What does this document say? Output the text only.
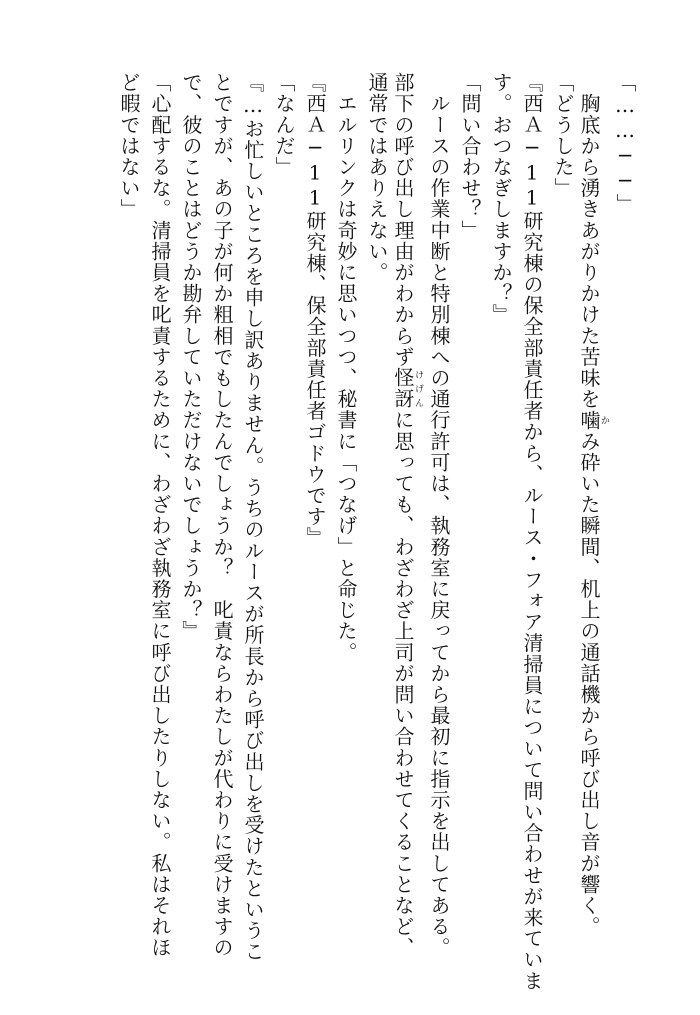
「……──」
　胸底から湧きあがりかけた苦味を噛かみ砕いた瞬間、机上の通話機から呼び出し音が響く。
「どうした」
『西Ａ─11研究棟の保全部責任者から、ルース・フォア清掃員について問い合わせが来ていま
す。おつなぎしますか？』
「問い合わせ？」
　ルースの作業中断と特別棟への通行許可は、執務室に戻ってから最初に指示を出してある。
部下の呼び出し理由がわからず怪訝けげんに思っても、わざわざ上司が問い合わせてくることなど、
通常ではありえない。
　エルリンクは奇妙に思いつつ、秘書に「つなげ」と命じた。
『西Ａ─11研究棟、保全部責任者ゴドウです』
「なんだ」
『…お忙しいところを申し訳ありません。うちのルースが所長から呼び出しを受けたというこ
とですが、あの子が何か粗相でもしたんでしょうか？　叱責ならわたしが代わりに受けますの
で、彼のことはどうか勘弁していただけないでしょうか？』
「心配するな。清掃員を叱責するために、わざわざ執務室に呼び出したりしない。私はそれほ
ど暇ではない」
